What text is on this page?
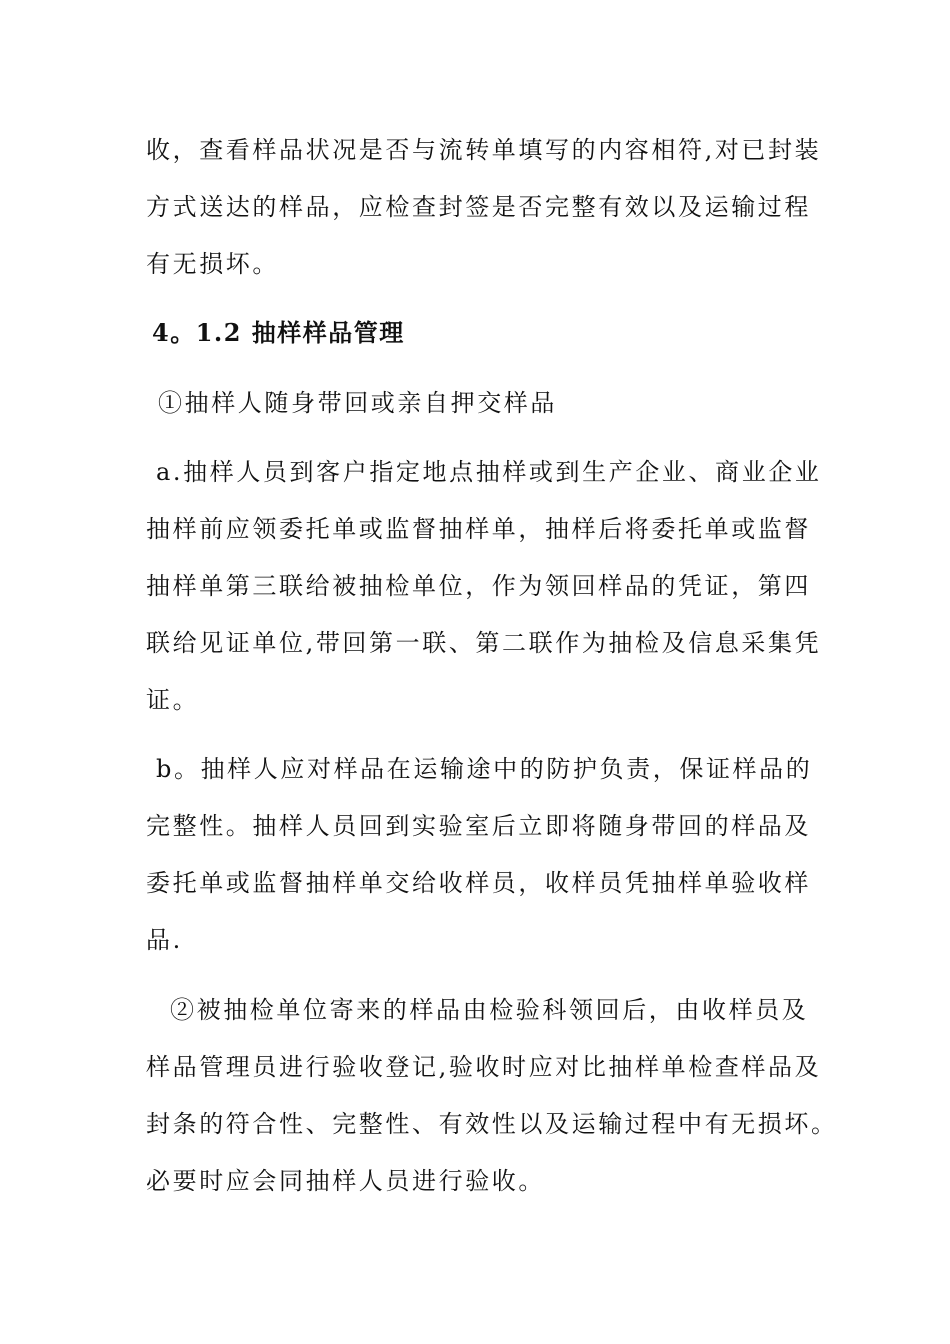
收，查看样品状况是否与流转单填写的内容相符,对已封装
方式送达的样品，应检查封签是否完整有效以及运输过程
有无损坏。
4。1.2 抽样样品管理
①抽样人随身带回或亲自押交样品
a.抽样人员到客户指定地点抽样或到生产企业、商业企业
抽样前应领委托单或监督抽样单，抽样后将委托单或监督
抽样单第三联给被抽检单位，作为领回样品的凭证，第四
联给见证单位,带回第一联、第二联作为抽检及信息采集凭
证。
b。抽样人应对样品在运输途中的防护负责，保证样品的
完整性。抽样人员回到实验室后立即将随身带回的样品及
委托单或监督抽样单交给收样员，收样员凭抽样单验收样
品.
②被抽检单位寄来的样品由检验科领回后，由收样员及
样品管理员进行验收登记,验收时应对比抽样单检查样品及
封条的符合性、完整性、有效性以及运输过程中有无损坏。
必要时应会同抽样人员进行验收。
